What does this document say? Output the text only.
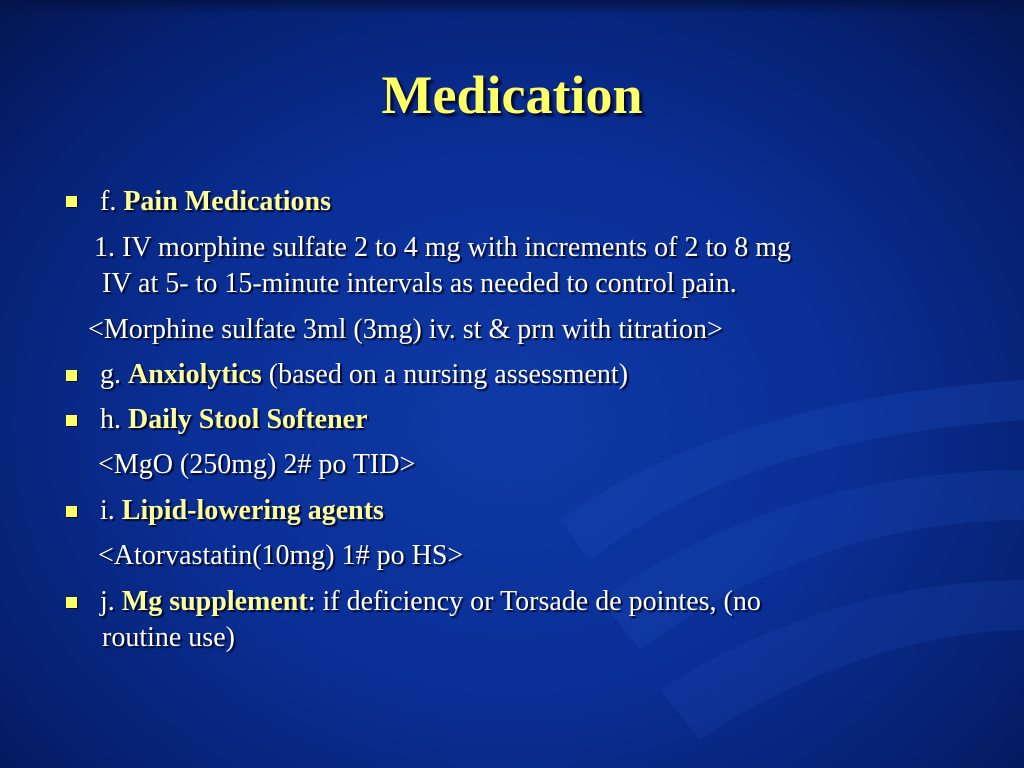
Medication
f. Pain Medications
1. IV morphine sulfate 2 to 4 mg with increments of 2 to 8 mg
IV at 5- to 15-minute intervals as needed to control pain.
<Morphine sulfate 3ml (3mg) iv. st & prn with titration>
g. Anxiolytics (based on a nursing assessment)
h. Daily Stool Softener
<MgO (250mg) 2# po TID>
i. Lipid-lowering agents
<Atorvastatin(10mg) 1# po HS>
j. Mg supplement: if deficiency or Torsade de pointes, (no
routine use)
